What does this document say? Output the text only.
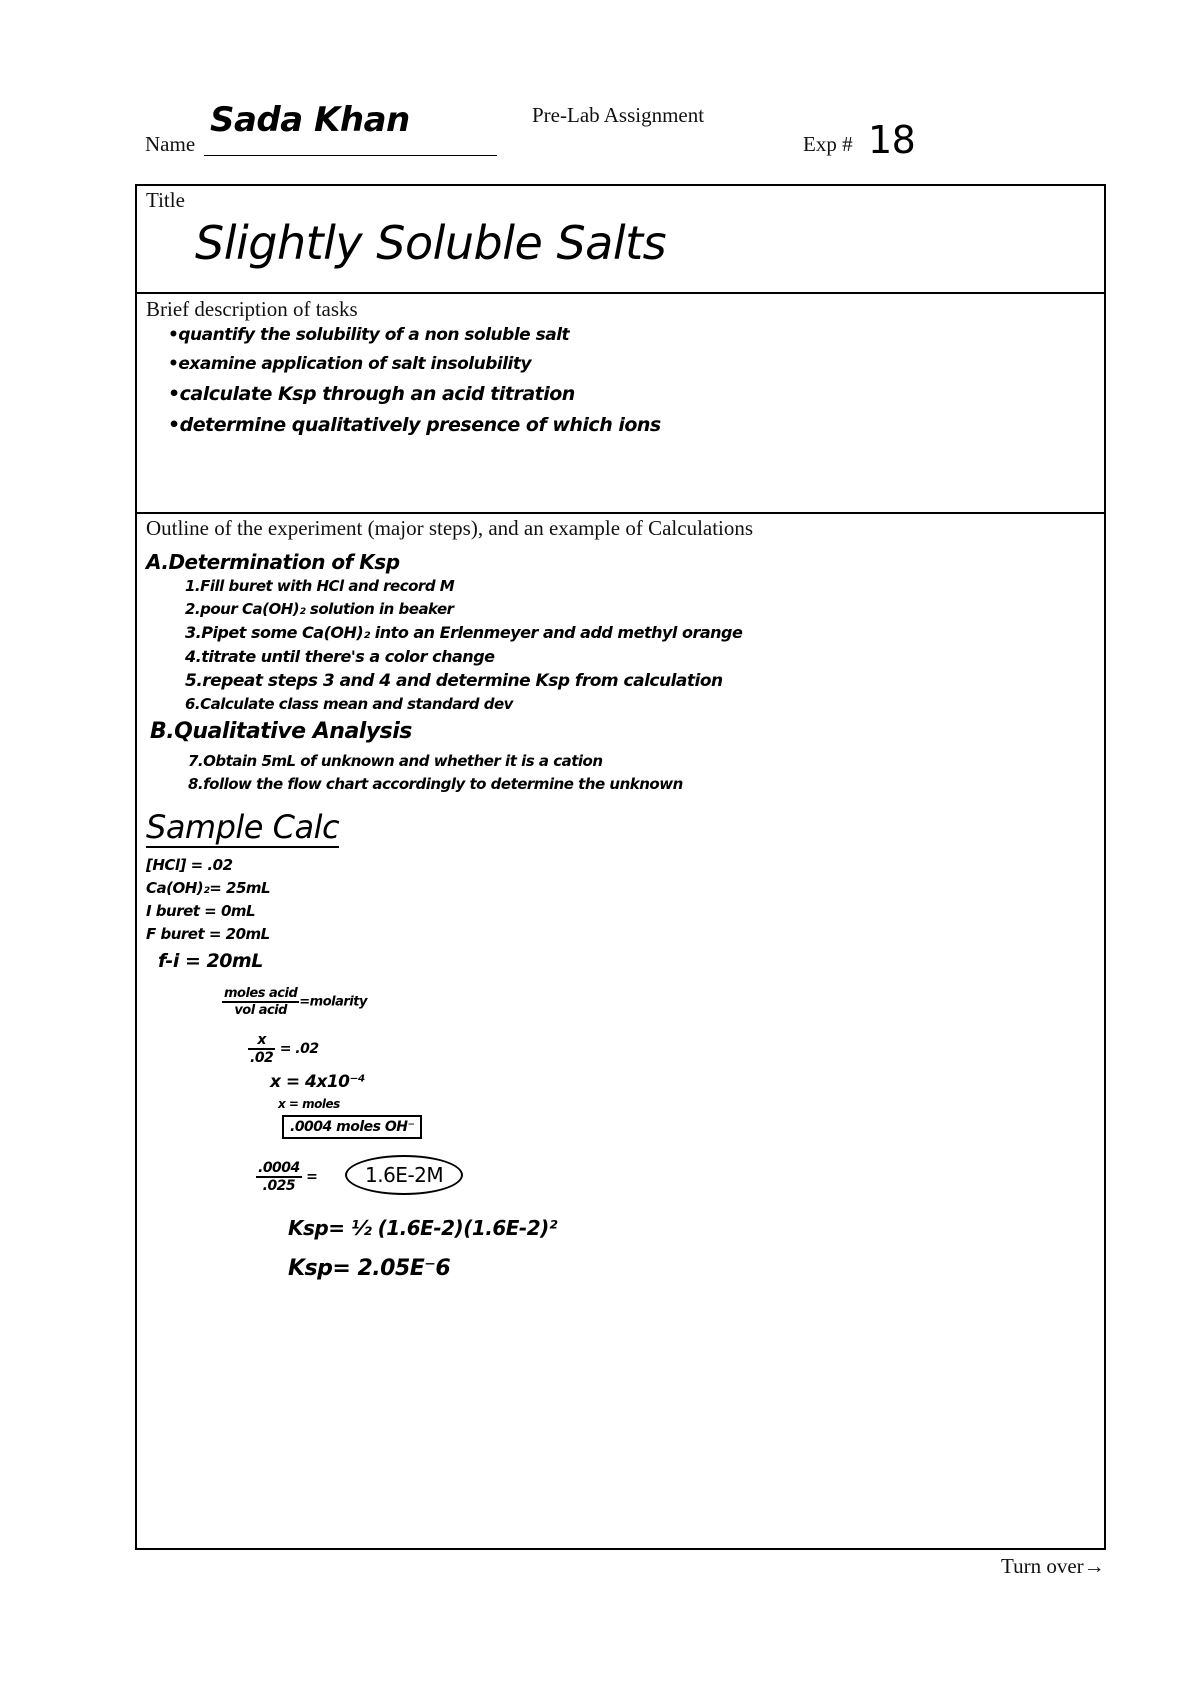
Name
Sada Khan	Pre-Lab Assignment
Exp # 18
Title
Slightly Soluble Salts
Brief description of tasks
•quantify the solubility of a non soluble salt
•examine application of salt insolubility
•calculate Ksp through an acid titration
•determine qualitatively presence of which ions
Outline of the experiment (major steps), and an example of Calculations
A.Determination of Ksp
1.Fill buret with HCl and record M
2.pour Ca(OH)₂ solution in beaker
3.Pipet some Ca(OH)₂ into an Erlenmeyer and add methyl orange
4.titrate until there's a color change
5.repeat steps 3 and 4 and determine Ksp from calculation
6.Calculate class mean and standard dev
B.Qualitative Analysis
7.Obtain 5mL of unknown and whether it is a cation
8.follow the flow chart accordingly to determine the unknown
Sample Calc
[HCl] = .02
Ca(OH)₂= 25mL
I buret = 0mL
F buret = 20mL
f-i = 20mL
$\frac{\text{moles acid}}{\text{vol acid}}$ =molarity
$\frac{x}{.02} = .02$
x = 4x10⁻⁴
x = moles
.0004 moles OH⁻
$\frac{.0004}{.025}$ =	1.6E-2M
Ksp= ½ (1.6E-2)(1.6E-2)²
Ksp= 2.05E⁻6
Turn over→
